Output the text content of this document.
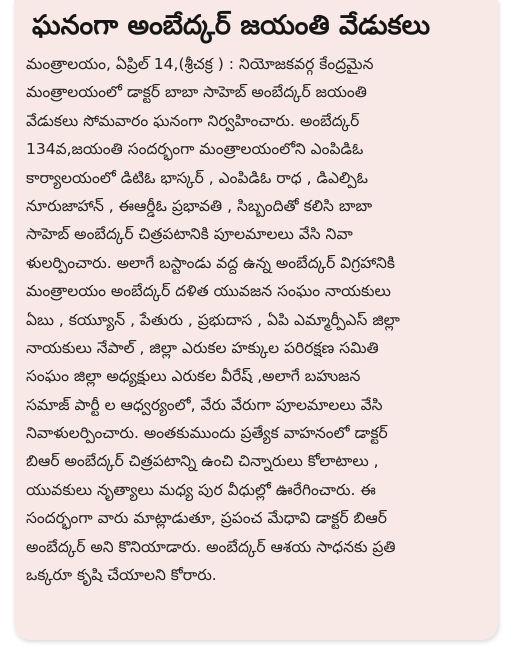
ఘనంగా అంబేద్కర్ జయంతి వేడుకలు
మంత్రాలయం, ఏప్రిల్ 14,(శ్రీచక్ర ) : నియోజకవర్గ కేంద్రమైన
మంత్రాలయంలో డాక్టర్ బాబా సాహెబ్ అంబేద్కర్ జయంతి
వేడుకలు సోమవారం ఘనంగా నిర్వహించారు. అంబేద్కర్
134వ,జయంతి సందర్భంగా మంత్రాలయంలోని ఎంపిడిఓ
కార్యాలయంలో డిటిఓ భాస్కర్ , ఎంపిడిఓ రాధ , డిఎల్పిఓ
నూరుజాహాన్ , ఈఆర్డీఓ ప్రభావతి , సిబ్బందితో కలిసి బాబా
సాహెబ్ అంబేద్కర్ చిత్రపటానికి పూలమాలలు వేసి నివా
ళులర్పించారు. అలాగే బస్టాండు వద్ద ఉన్న అంబేద్కర్ విగ్రహానికి
మంత్రాలయం అంబేద్కర్ దళిత యువజన సంఘం నాయకులు
ఏబు , కయ్యూన్ , పేతురు , ప్రభుదాస , ఏపి ఎమ్మార్పీఎస్ జిల్లా
నాయకులు నేపాల్ , జిల్లా ఎరుకల హక్కుల పరిరక్షణ సమితి
సంఘం జిల్లా అధ్యక్షులు ఎరుకల వీరేష్ ,అలాగే బహుజన
సమాజ్ పార్టీ ల ఆధ్వర్యంలో, వేరు వేరుగా పూలమాలలు వేసి
నివాళులర్పించారు. అంతకుముందు ప్రత్యేక వాహనంలో డాక్టర్
బిఆర్ అంబేద్కర్ చిత్రపటాన్ని ఉంచి చిన్నారులు కోలాటాలు ,
యువకులు నృత్యాలు మధ్య పుర వీధుల్లో ఊరేగించారు. ఈ
సందర్భంగా వారు మాట్లాడుతూ, ప్రపంచ మేధావి డాక్టర్ బిఆర్
అంబేద్కర్ అని కొనియాడారు. అంబేద్కర్ ఆశయ సాధనకు ప్రతి
ఒక్కరూ కృషి చేయాలని కోరారు.
